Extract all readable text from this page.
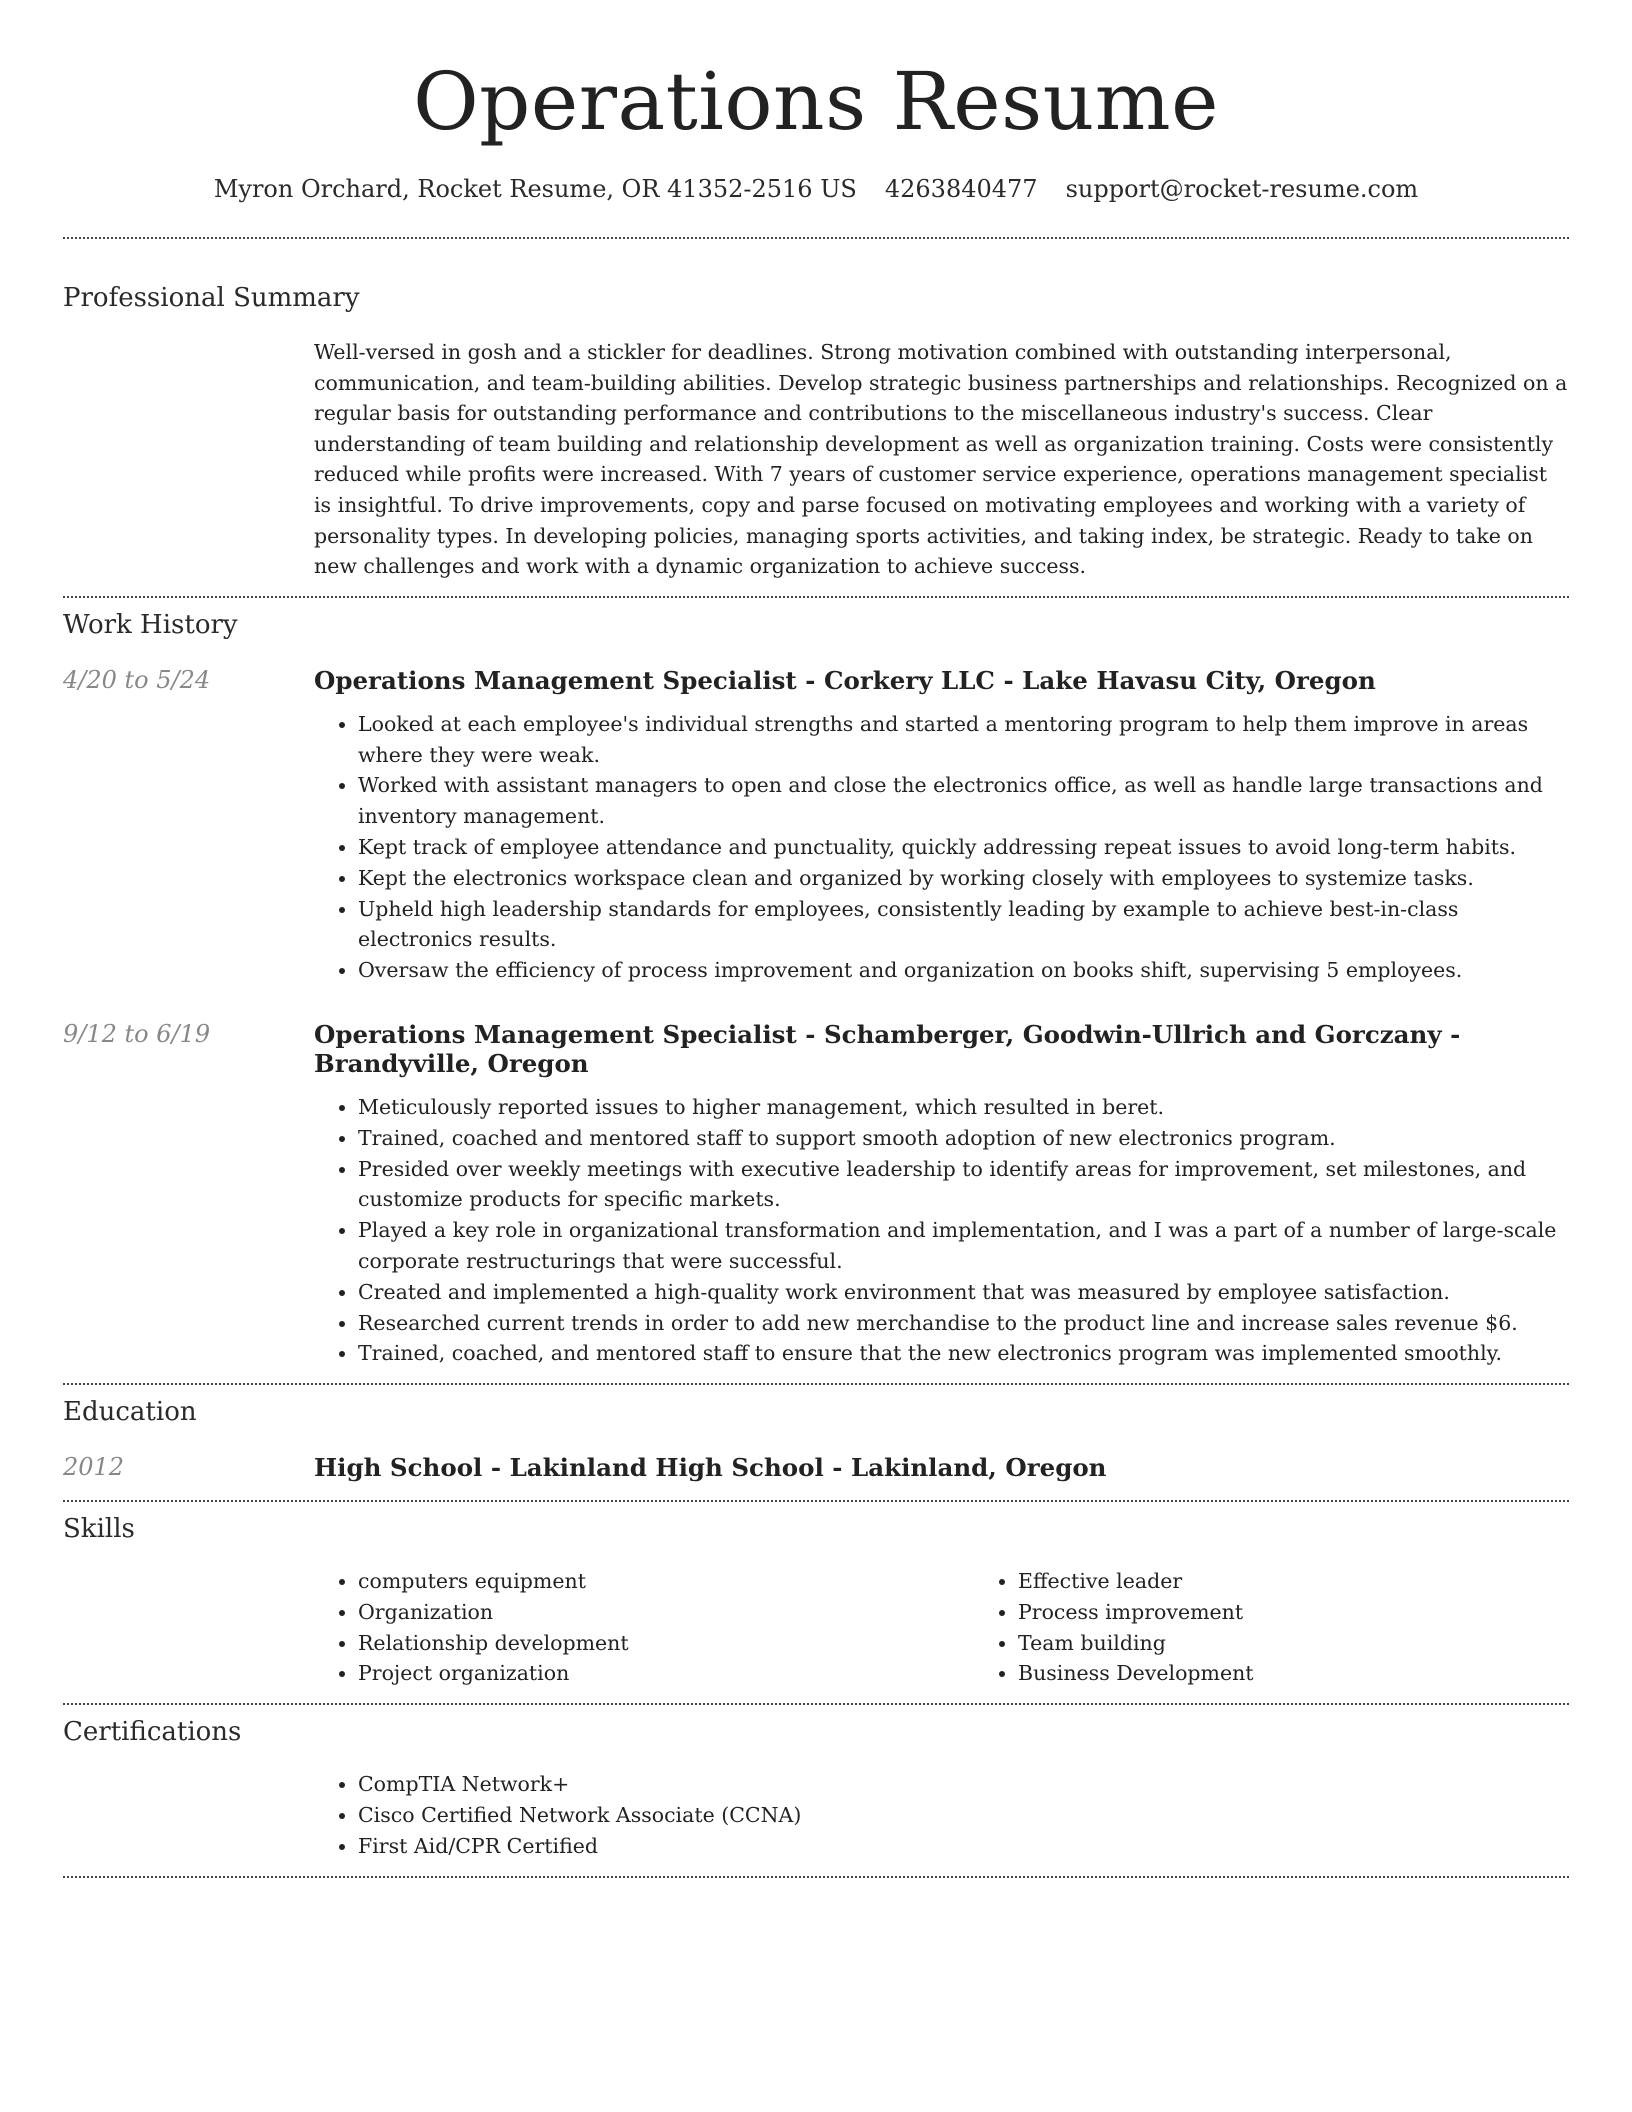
Operations Resume
Myron Orchard, Rocket Resume, OR 41352-2516 US 4263840477 support@rocket-resume.com
Professional Summary

Well-versed in gosh and a stickler for deadlines. Strong motivation combined with outstanding interpersonal, communication, and team-building abilities. Develop strategic business partnerships and relationships. Recognized on a regular basis for outstanding performance and contributions to the miscellaneous industry's success. Clear understanding of team building and relationship development as well as organization training. Costs were consistently reduced while profits were increased. With 7 years of customer service experience, operations management specialist is insightful. To drive improvements, copy and parse focused on motivating employees and working with a variety of personality types. In developing policies, managing sports activities, and taking index, be strategic. Ready to take on new challenges and work with a dynamic organization to achieve success.

Work History
4/20 to 5/24	Operations Management Specialist - Corkery LLC - Lake Havasu City, Oregon
• Looked at each employee's individual strengths and started a mentoring program to help them improve in areas where they were weak.
• Worked with assistant managers to open and close the electronics office, as well as handle large transactions and inventory management.
• Kept track of employee attendance and punctuality, quickly addressing repeat issues to avoid long-term habits.
• Kept the electronics workspace clean and organized by working closely with employees to systemize tasks.
• Upheld high leadership standards for employees, consistently leading by example to achieve best-in-class electronics results.
• Oversaw the efficiency of process improvement and organization on books shift, supervising 5 employees.
9/12 to 6/19	Operations Management Specialist - Schamberger, Goodwin-Ullrich and Gorczany - Brandyville, Oregon
• Meticulously reported issues to higher management, which resulted in beret.
• Trained, coached and mentored staff to support smooth adoption of new electronics program.
• Presided over weekly meetings with executive leadership to identify areas for improvement, set milestones, and customize products for specific markets.
• Played a key role in organizational transformation and implementation, and I was a part of a number of large-scale corporate restructurings that were successful.
• Created and implemented a high-quality work environment that was measured by employee satisfaction.
• Researched current trends in order to add new merchandise to the product line and increase sales revenue $6.
• Trained, coached, and mentored staff to ensure that the new electronics program was implemented smoothly.
Education
2012	High School - Lakinland High School - Lakinland, Oregon
Skills
• computers equipment
• Organization
• Relationship development
• Project organization
• Effective leader
• Process improvement
• Team building
• Business Development
Certifications
• CompTIA Network+
• Cisco Certified Network Associate (CCNA)
• First Aid/CPR Certified
